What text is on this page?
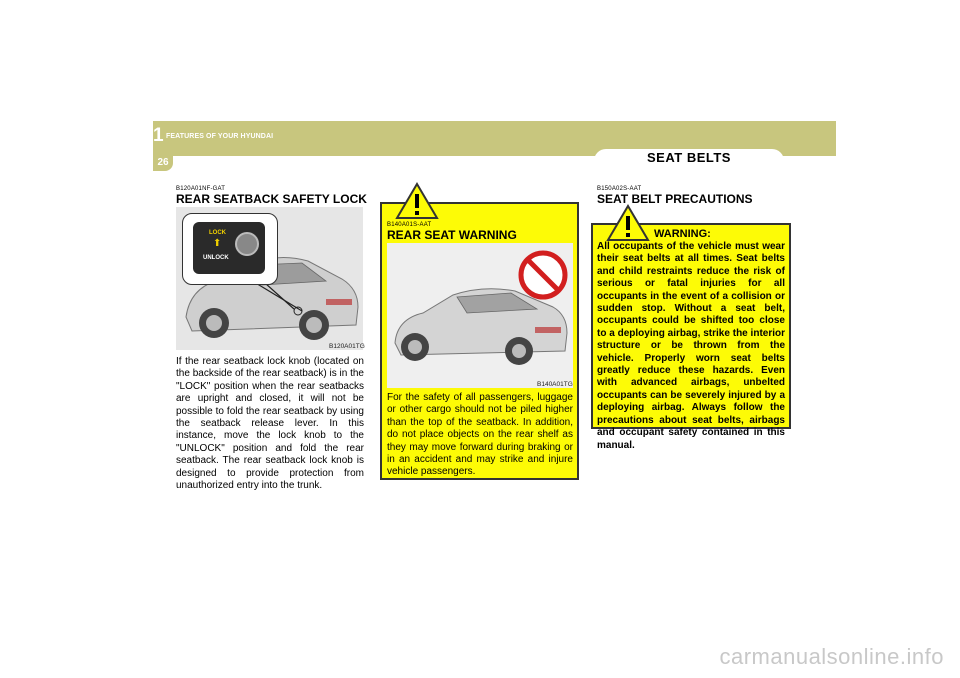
1 FEATURES OF YOUR HYUNDAI
26	SEAT BELTS
B120A01NF-GAT
REAR SEATBACK SAFETY LOCK
LOCK
⬆
UNLOCK
B120A01TG
If the rear seatback lock knob (located on the backside of the rear seatback) is in the "LOCK" position when the rear seatbacks are upright and closed, it will not be possible to fold the rear seatback by using the seatback release lever. In this instance, move the lock knob to the "UNLOCK" position and fold the rear seatback. The rear seatback lock knob is designed to provide protection from unauthorized entry into the trunk.
B140A01S-AAT
REAR SEAT WARNING
B140A01TG
For the safety of all passengers, luggage or other cargo should not be piled higher than the top of the seatback. In addition, do not place objects on the rear shelf as they may move forward during braking or in an accident and may strike and injure vehicle passengers.
B150A02S-AAT
SEAT BELT PRECAUTIONS
WARNING:
All occupants of the vehicle must wear their seat belts at all times. Seat belts and child restraints reduce the risk of serious or fatal injuries for all occupants in the event of a collision or sudden stop. Without a seat belt, occupants could be shifted too close to a deploying airbag, strike the interior structure or be thrown from the vehicle. Properly worn seat belts greatly reduce these hazards. Even with advanced airbags, unbelted occupants can be severely injured by a deploying airbag. Always follow the precautions about seat belts, airbags and occupant safety contained in this manual.
carmanualsonline.info
